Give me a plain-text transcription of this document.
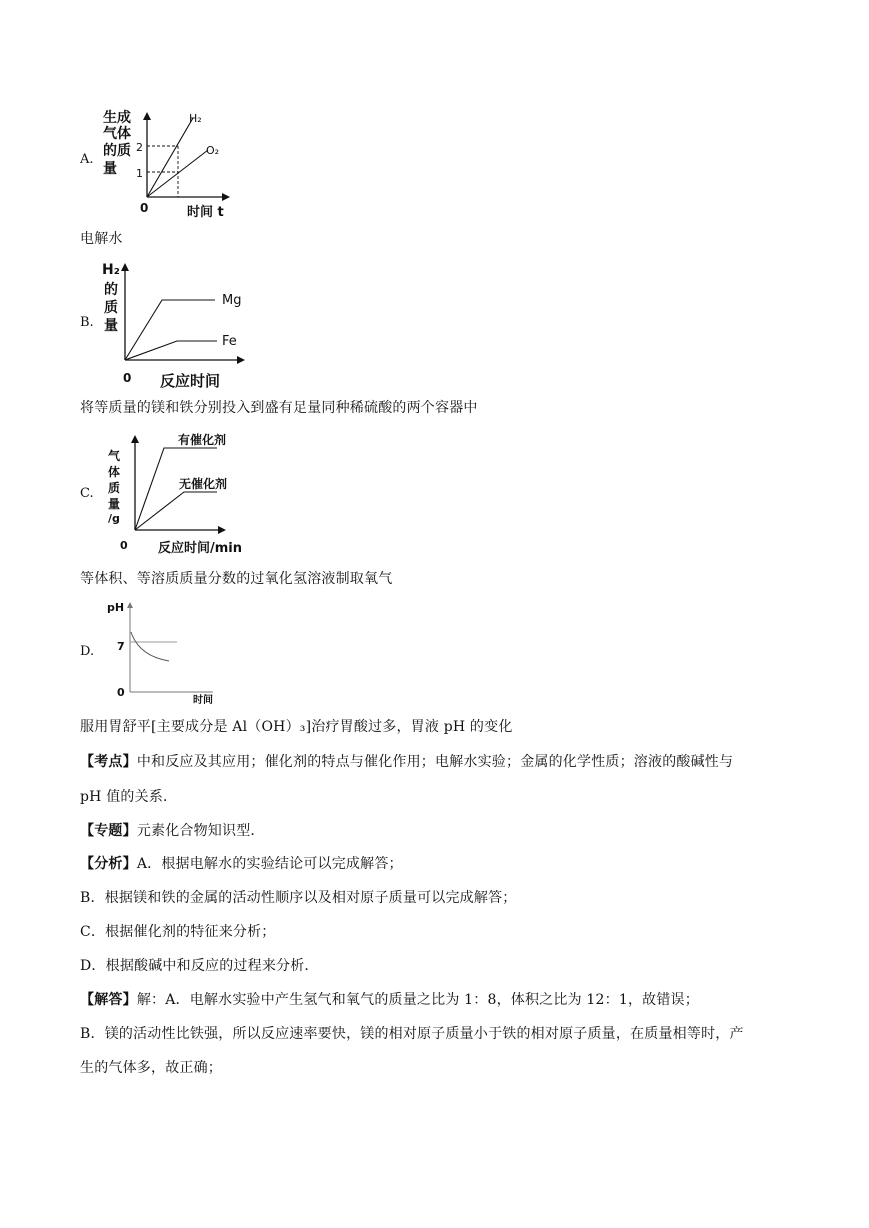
A.
生成
气体
的质
量
2
1
H₂
O₂
0	时间 t
电解水
B.
H₂
的
质
量
Mg
Fe
0 反应时间
将等质量的镁和铁分别投入到盛有足量同种稀硫酸的两个容器中
C.
气
体
质
量
/g
有催化剂
无催化剂
0 反应时间/min
等体积、等溶质质量分数的过氧化氢溶液制取氧气
D.
pH
7
0
时间
服用胃舒平[主要成分是 Al（OH）₃]治疗胃酸过多，胃液 pH 的变化
【考点】中和反应及其应用；催化剂的特点与催化作用；电解水实验；金属的化学性质；溶液的酸碱性与
pH 值的关系．
【专题】元素化合物知识型．
【分析】A．根据电解水的实验结论可以完成解答；
B．根据镁和铁的金属的活动性顺序以及相对原子质量可以完成解答；
C．根据催化剂的特征来分析；
D．根据酸碱中和反应的过程来分析．
【解答】解：A．电解水实验中产生氢气和氧气的质量之比为 1：8，体积之比为 12：1，故错误；
B．镁的活动性比铁强，所以反应速率要快，镁的相对原子质量小于铁的相对原子质量，在质量相等时，产
生的气体多，故正确；
